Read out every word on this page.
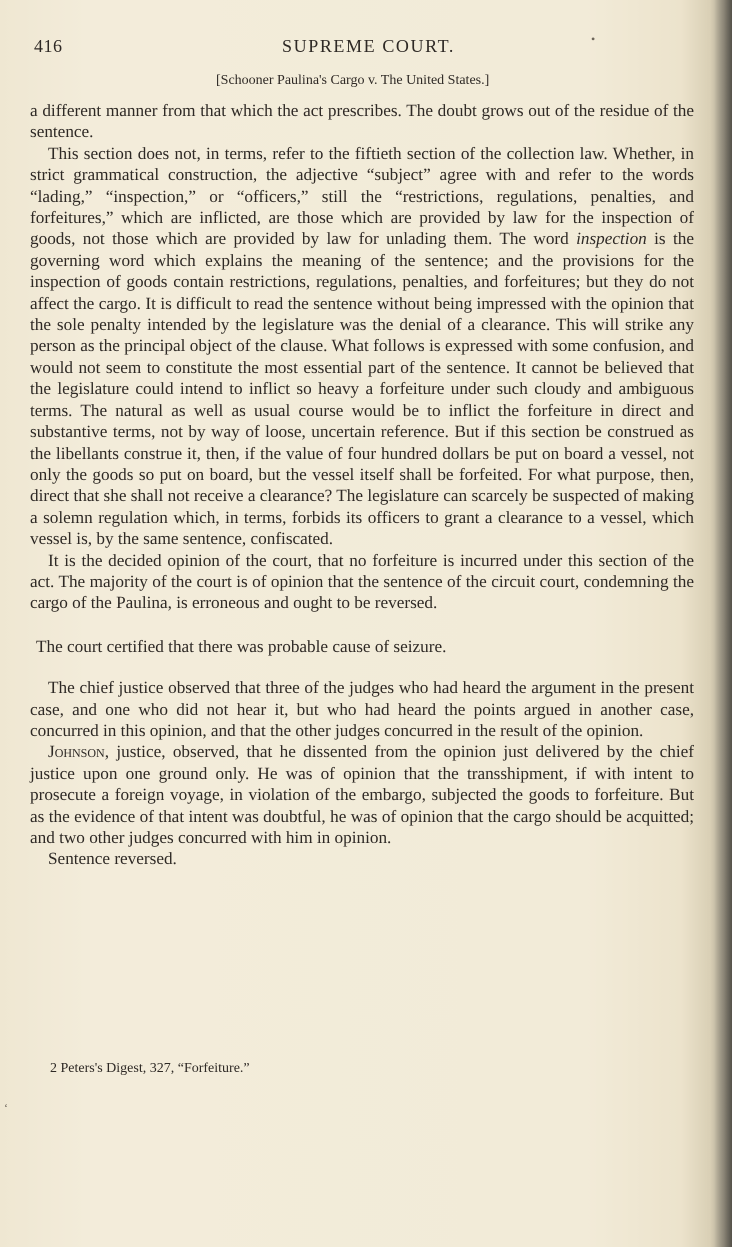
416	SUPREME COURT.
[Schooner Paulina's Cargo v. The United States.]

a different manner from that which the act prescribes. The doubt grows out of the residue of the sentence.

This section does not, in terms, refer to the fiftieth section of the collection law. Whether, in strict grammatical construction, the adjective “subject” agree with and refer to the words “lading,” “inspection,” or “officers,” still the “restrictions, regulations, penalties, and forfeitures,” which are inflicted, are those which are provided by law for the inspection of goods, not those which are provided by law for unlading them. The word inspection is the governing word which explains the meaning of the sentence; and the provisions for the inspection of goods contain restrictions, regulations, penalties, and forfeitures; but they do not affect the cargo. It is difficult to read the sentence without being impressed with the opinion that the sole penalty intended by the legislature was the denial of a clearance. This will strike any person as the principal object of the clause. What follows is expressed with some confusion, and would not seem to constitute the most essential part of the sentence. It cannot be believed that the legislature could intend to inflict so heavy a forfeiture under such cloudy and ambiguous terms. The natural as well as usual course would be to inflict the forfeiture in direct and substantive terms, not by way of loose, uncertain reference. But if this section be construed as the libellants construe it, then, if the value of four hundred dollars be put on board a vessel, not only the goods so put on board, but the vessel itself shall be forfeited. For what purpose, then, direct that she shall not receive a clearance? The legislature can scarcely be suspected of making a solemn regulation which, in terms, forbids its officers to grant a clearance to a vessel, which vessel is, by the same sentence, confiscated.

It is the decided opinion of the court, that no forfeiture is incurred under this section of the act. The majority of the court is of opinion that the sentence of the circuit court, condemning the cargo of the Paulina, is erroneous and ought to be reversed.

The court certified that there was probable cause of seizure.

The chief justice observed that three of the judges who had heard the argument in the present case, and one who did not hear it, but who had heard the points argued in another case, concurred in this opinion, and that the other judges concurred in the result of the opinion.

Johnson, justice, observed, that he dissented from the opinion just delivered by the chief justice upon one ground only. He was of opinion that the transshipment, if with intent to prosecute a foreign voyage, in violation of the embargo, subjected the goods to forfeiture. But as the evidence of that intent was doubtful, he was of opinion that the cargo should be acquitted; and two other judges concurred with him in opinion.

Sentence reversed.

2 Peters's Digest, 327, “Forfeiture.”
•
‘
